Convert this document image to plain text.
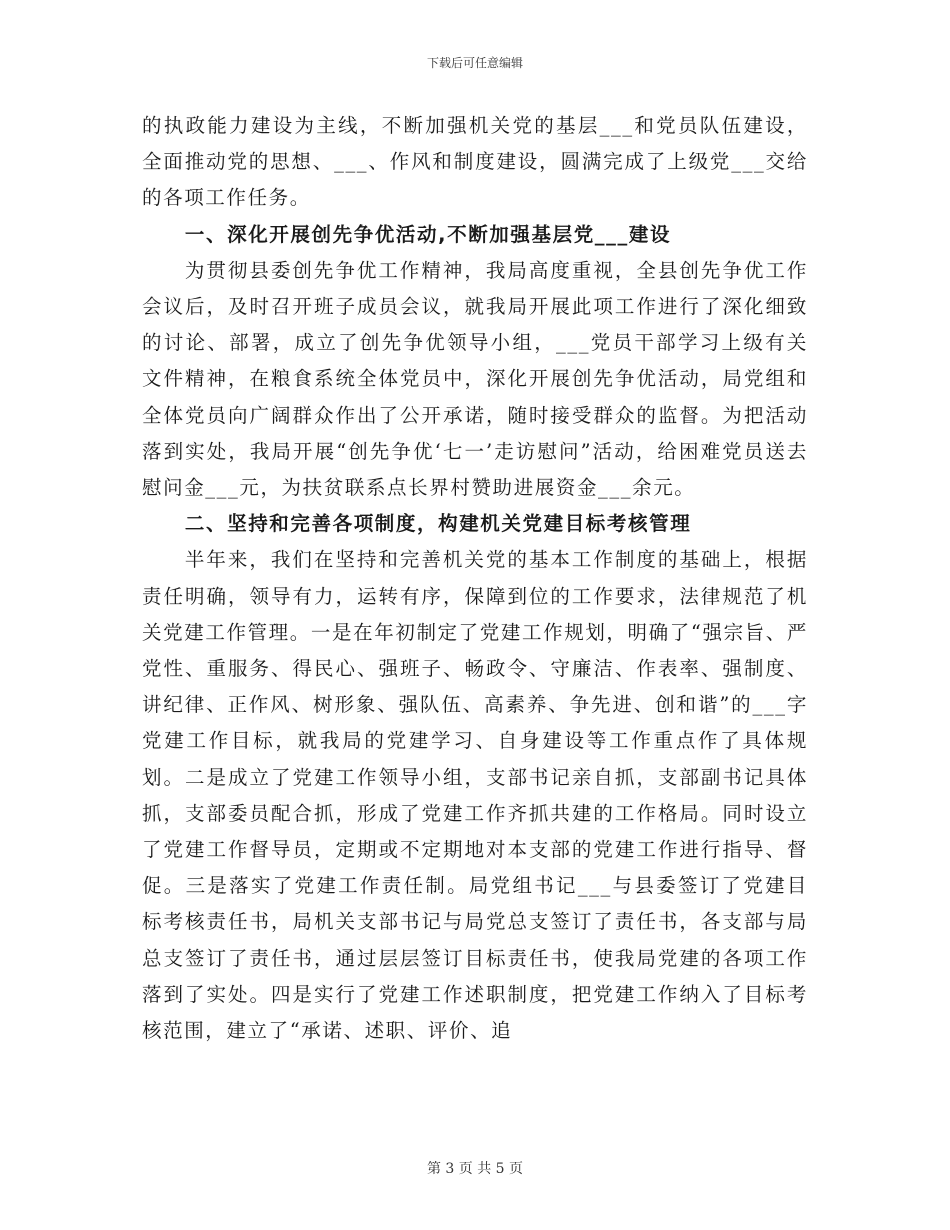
下载后可任意编辑

的执政能力建设为主线，不断加强机关党的基层___和党员队伍建设，全面推动党的思想、___、作风和制度建设，圆满完成了上级党___交给的各项工作任务。

一、深化开展创先争优活动,不断加强基层党___建设

为贯彻县委创先争优工作精神，我局高度重视，全县创先争优工作会议后，及时召开班子成员会议，就我局开展此项工作进行了深化细致的讨论、部署，成立了创先争优领导小组，___党员干部学习上级有关文件精神，在粮食系统全体党员中，深化开展创先争优活动，局党组和全体党员向广阔群众作出了公开承诺，随时接受群众的监督。为把活动落到实处，我局开展“创先争优‘七一’走访慰问”活动，给困难党员送去慰问金___元，为扶贫联系点长界村赞助进展资金___余元。

二、坚持和完善各项制度，构建机关党建目标考核管理

半年来，我们在坚持和完善机关党的基本工作制度的基础上，根据责任明确，领导有力，运转有序，保障到位的工作要求，法律规范了机关党建工作管理。一是在年初制定了党建工作规划，明确了“强宗旨、严党性、重服务、得民心、强班子、畅政令、守廉洁、作表率、强制度、讲纪律、正作风、树形象、强队伍、高素养、争先进、创和谐”的___字党建工作目标，就我局的党建学习、自身建设等工作重点作了具体规划。二是成立了党建工作领导小组，支部书记亲自抓，支部副书记具体抓，支部委员配合抓，形成了党建工作齐抓共建的工作格局。同时设立了党建工作督导员，定期或不定期地对本支部的党建工作进行指导、督促。三是落实了党建工作责任制。局党组书记___与县委签订了党建目标考核责任书，局机关支部书记与局党总支签订了责任书，各支部与局总支签订了责任书，通过层层签订目标责任书，使我局党建的各项工作落到了实处。四是实行了党建工作述职制度，把党建工作纳入了目标考核范围，建立了“承诺、述职、评价、追

第 3 页 共 5 页
